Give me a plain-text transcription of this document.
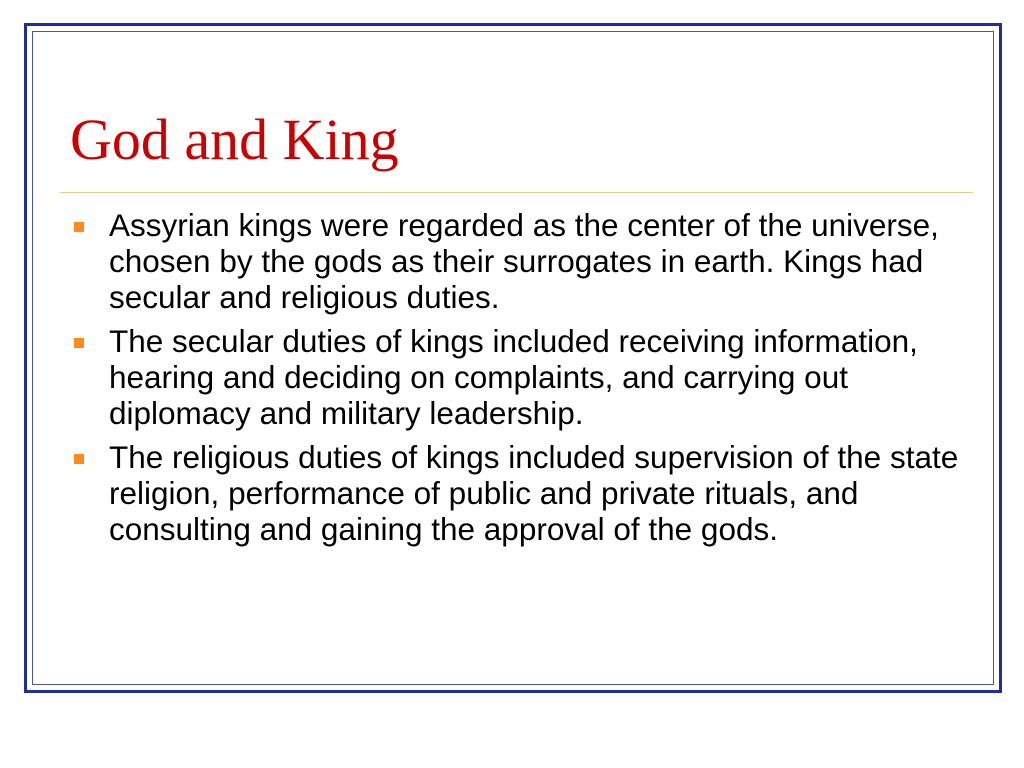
God and King
Assyrian kings were regarded as the center of the universe, chosen by the gods as their surrogates in earth. Kings had secular and religious duties.
The secular duties of kings included receiving information, hearing and deciding on complaints, and carrying out diplomacy and military leadership.
The religious duties of kings included supervision of the state religion, performance of public and private rituals, and consulting and gaining the approval of the gods.
